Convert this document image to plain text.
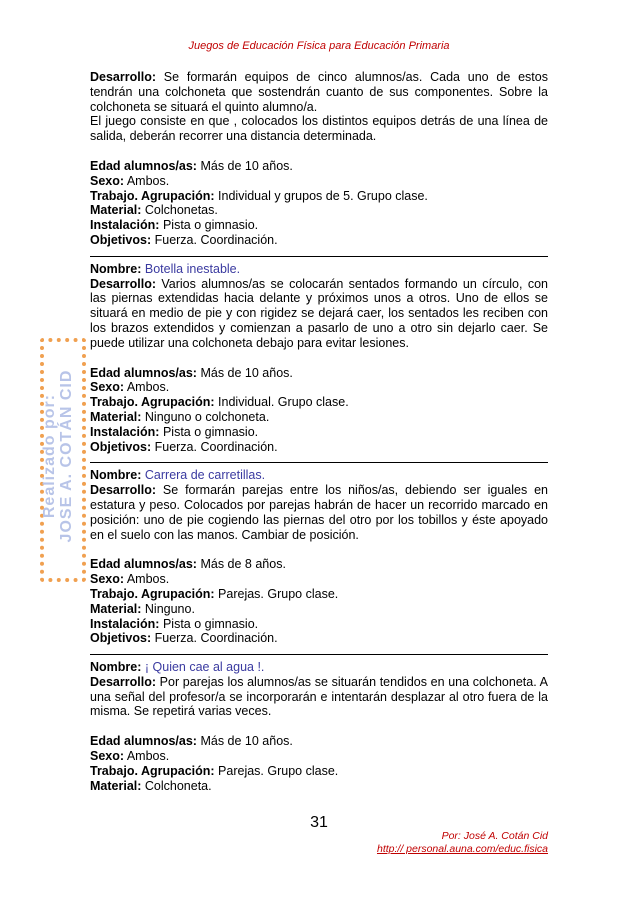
Juegos de Educación Física para Educación Primaria
Realizado por: JOSE A. COTÁN CID

Desarrollo: Se formarán equipos de cinco alumnos/as. Cada uno de estos tendrán una colchoneta que sostendrán cuanto de sus componentes. Sobre la colchoneta se situará el quinto alumno/a.

El juego consiste en que , colocados los distintos equipos detrás de una línea de salida, deberán recorrer una distancia determinada.

Edad alumnos/as: Más de 10 años.

Sexo: Ambos.

Trabajo. Agrupación: Individual y grupos de 5. Grupo clase.

Material: Colchonetas.

Instalación: Pista o gimnasio.

Objetivos: Fuerza. Coordinación.

Nombre: Botella inestable.

Desarrollo: Varios alumnos/as se colocarán sentados formando un círculo, con las piernas extendidas hacia delante y próximos unos a otros. Uno de ellos se situará en medio de pie y con rigidez se dejará caer, los sentados les reciben con los brazos extendidos y comienzan a pasarlo de uno a otro sin dejarlo caer. Se puede utilizar una colchoneta debajo para evitar lesiones.

Edad alumnos/as: Más de 10 años.

Sexo: Ambos.

Trabajo. Agrupación: Individual. Grupo clase.

Material: Ninguno o colchoneta.

Instalación: Pista o gimnasio.

Objetivos: Fuerza. Coordinación.

Nombre: Carrera de carretillas.

Desarrollo: Se formarán parejas entre los niños/as, debiendo ser iguales en estatura y peso. Colocados por parejas habrán de hacer un recorrido marcado en posición: uno de pie cogiendo las piernas del otro por los tobillos y éste apoyado en el suelo con las manos. Cambiar de posición.

Edad alumnos/as: Más de 8 años.

Sexo: Ambos.

Trabajo. Agrupación: Parejas. Grupo clase.

Material: Ninguno.

Instalación: Pista o gimnasio.

Objetivos: Fuerza. Coordinación.

Nombre: ¡ Quien cae al agua !.

Desarrollo: Por parejas los alumnos/as se situarán tendidos en una colchoneta. A una señal del profesor/a se incorporarán e intentarán desplazar al otro fuera de la misma. Se repetirá varias veces.

Edad alumnos/as: Más de 10 años.

Sexo: Ambos.

Trabajo. Agrupación: Parejas. Grupo clase.

Material: Colchoneta.

31
Por: José A. Cotán Cid
http:// personal.auna.com/educ.fisica
